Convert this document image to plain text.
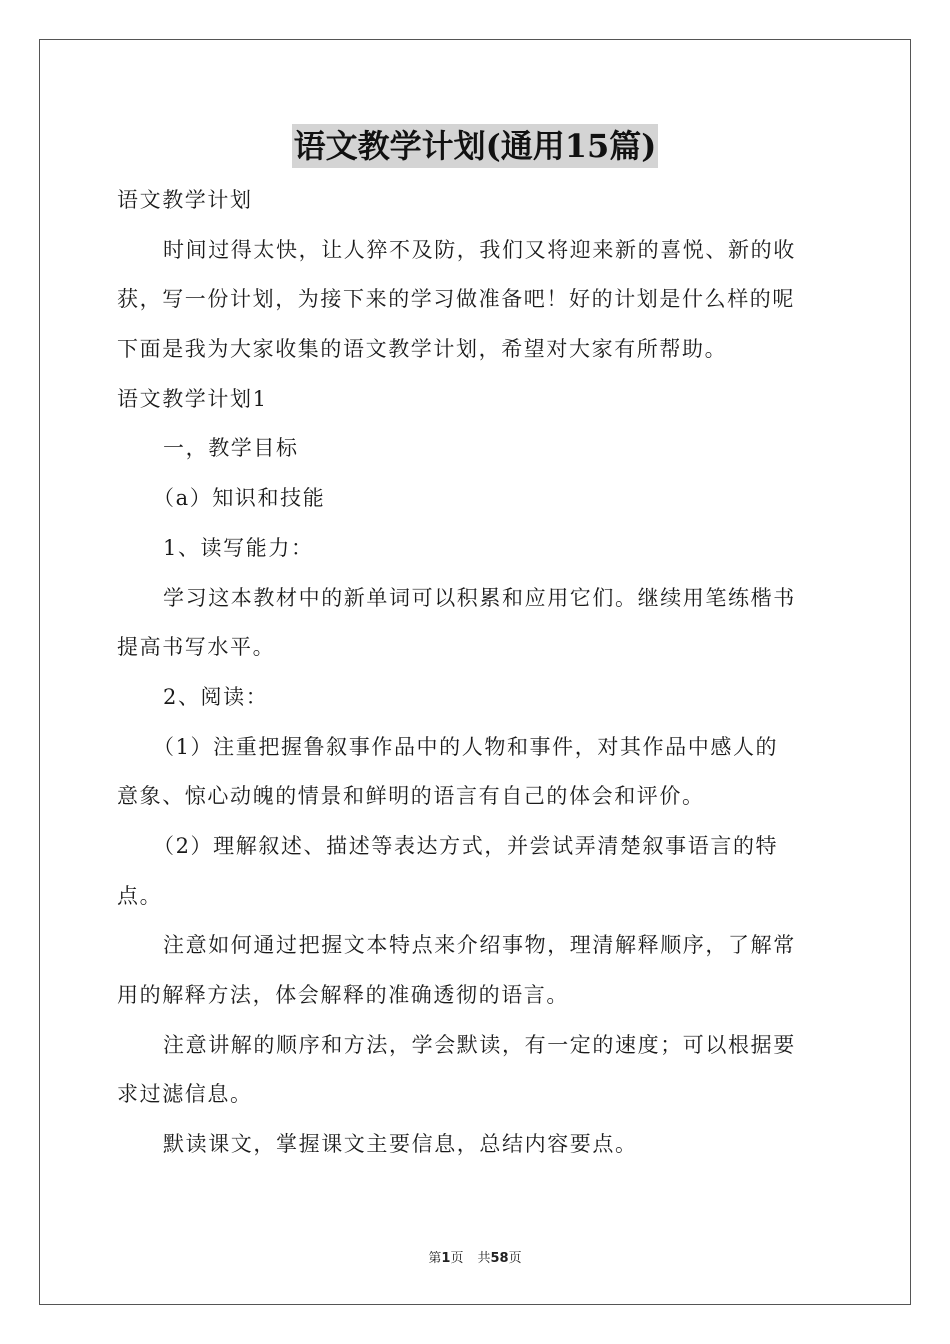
语文教学计划(通用15篇)
语文教学计划
时间过得太快，让人猝不及防，我们又将迎来新的喜悦、新的收
获，写一份计划，为接下来的学习做准备吧！好的计划是什么样的呢
下面是我为大家收集的语文教学计划，希望对大家有所帮助。
语文教学计划1
一，教学目标
（a）知识和技能
1、读写能力：
学习这本教材中的新单词可以积累和应用它们。继续用笔练楷书
提高书写水平。
2、阅读：
（1）注重把握鲁叙事作品中的人物和事件，对其作品中感人的
意象、惊心动魄的情景和鲜明的语言有自己的体会和评价。
（2）理解叙述、描述等表达方式，并尝试弄清楚叙事语言的特
点。
注意如何通过把握文本特点来介绍事物，理清解释顺序，了解常
用的解释方法，体会解释的准确透彻的语言。
注意讲解的顺序和方法，学会默读，有一定的速度；可以根据要
求过滤信息。
默读课文，掌握课文主要信息，总结内容要点。
第1页 共58页
